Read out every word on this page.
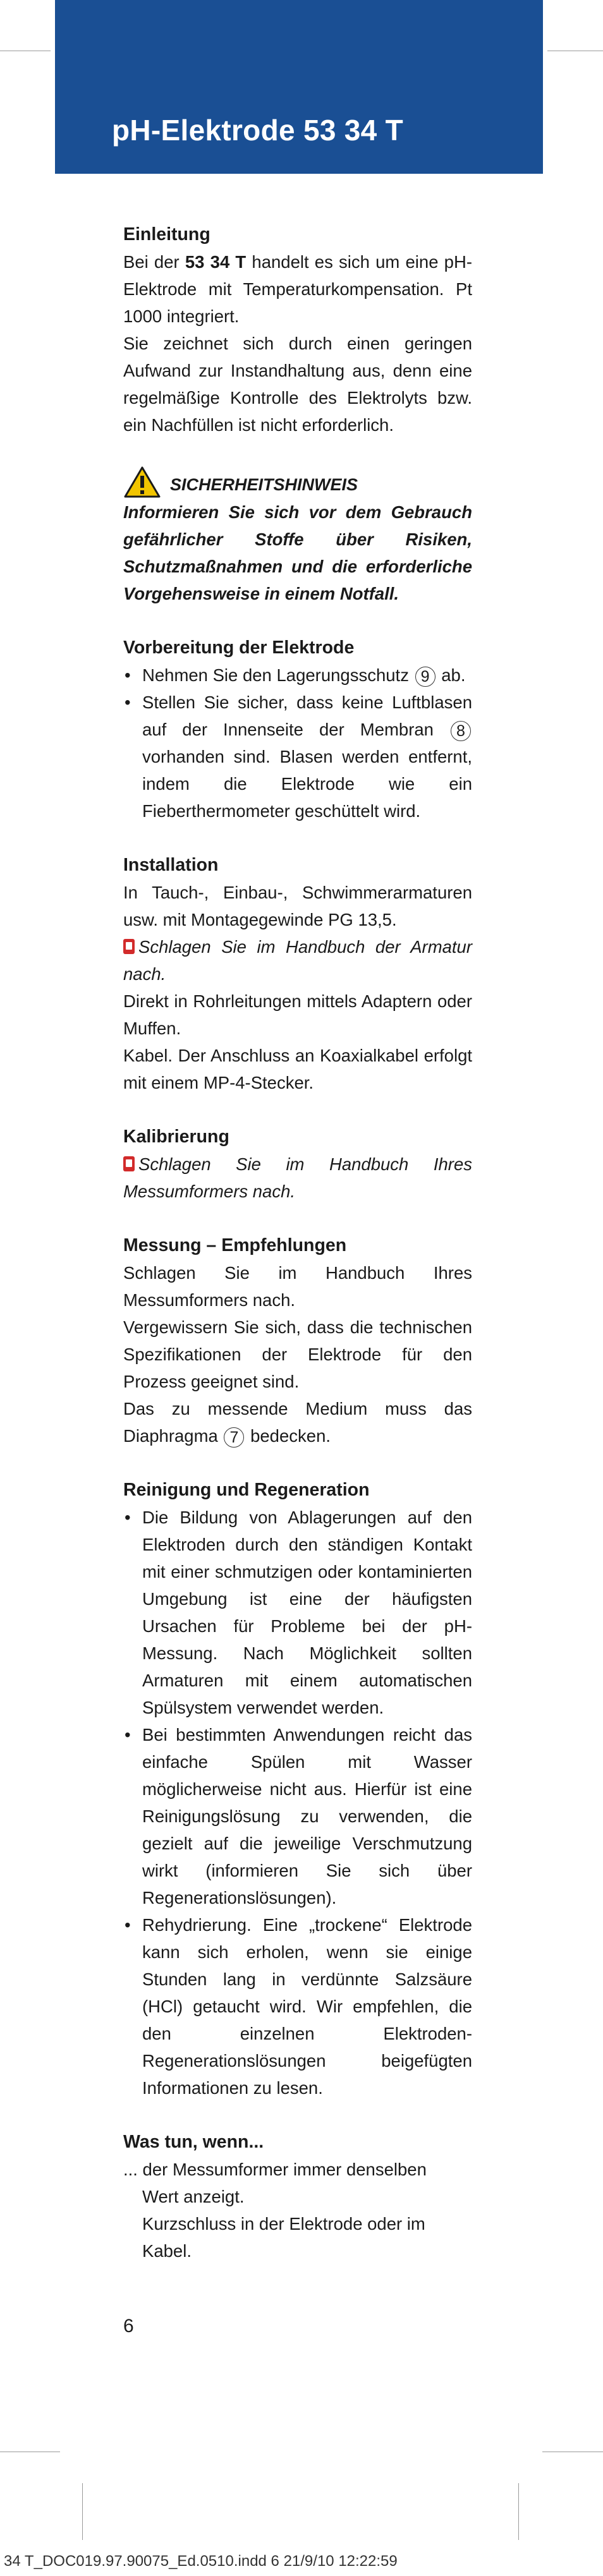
pH-Elektrode 53 34 T
Einleitung

Bei der 53 34 T handelt es sich um eine pH-Elektrode mit Temperaturkompensation. Pt 1000 integriert.

Sie zeichnet sich durch einen geringen Aufwand zur Instandhaltung aus, denn eine regelmäßige Kontrolle des Elektrolyts bzw. ein Nachfüllen ist nicht erforderlich.

SICHERHEITSHINWEIS

Informieren Sie sich vor dem Gebrauch gefährlicher Stoffe über Risiken, Schutzmaßnahmen und die erforderliche Vorgehensweise in einem Notfall.

Vorbereitung der Elektrode
• Nehmen Sie den Lagerungsschutz 9 ab.
• Stellen Sie sicher, dass keine Luftblasen auf der Innenseite der Membran 8 vorhanden sind. Blasen werden entfernt, indem die Elektrode wie ein Fieberthermometer geschüttelt wird.
Installation

In Tauch-, Einbau-, Schwimmerarmaturen usw. mit Montagegewinde PG 13,5.

Schlagen Sie im Handbuch der Armatur nach.

Direkt in Rohrleitungen mittels Adaptern oder Muffen.

Kabel. Der Anschluss an Koaxialkabel erfolgt mit einem MP-4-Stecker.

Kalibrierung

Schlagen Sie im Handbuch Ihres Messumformers nach.

Messung – Empfehlungen

Schlagen Sie im Handbuch Ihres Messumformers nach.

Vergewissern Sie sich, dass die technischen Spezifikationen der Elektrode für den Prozess geeignet sind.

Das zu messende Medium muss das Diaphragma 7 bedecken.

Reinigung und Regeneration
• Die Bildung von Ablagerungen auf den Elektroden durch den ständigen Kontakt mit einer schmutzigen oder kontaminierten Umgebung ist eine der häufigsten Ursachen für Probleme bei der pH-Messung. Nach Möglichkeit sollten Armaturen mit einem automatischen Spülsystem verwendet werden.
• Bei bestimmten Anwendungen reicht das einfache Spülen mit Wasser möglicherweise nicht aus. Hierfür ist eine Reinigungslösung zu verwenden, die gezielt auf die jeweilige Verschmutzung wirkt (informieren Sie sich über Regenerationslösungen).
• Rehydrierung. Eine „trockene“ Elektrode kann sich erholen, wenn sie einige Stunden lang in verdünnte Salzsäure (HCl) getaucht wird. Wir empfehlen, die den einzelnen Elektroden-Regenerationslösungen beigefügten Informationen zu lesen.
Was tun, wenn...

... der Messumformer immer denselben

Wert anzeigt.

Kurzschluss in der Elektrode oder im

Kabel.

6
34 T_DOC019.97.90075_Ed.0510.indd 6 21/9/10 12:22:59
